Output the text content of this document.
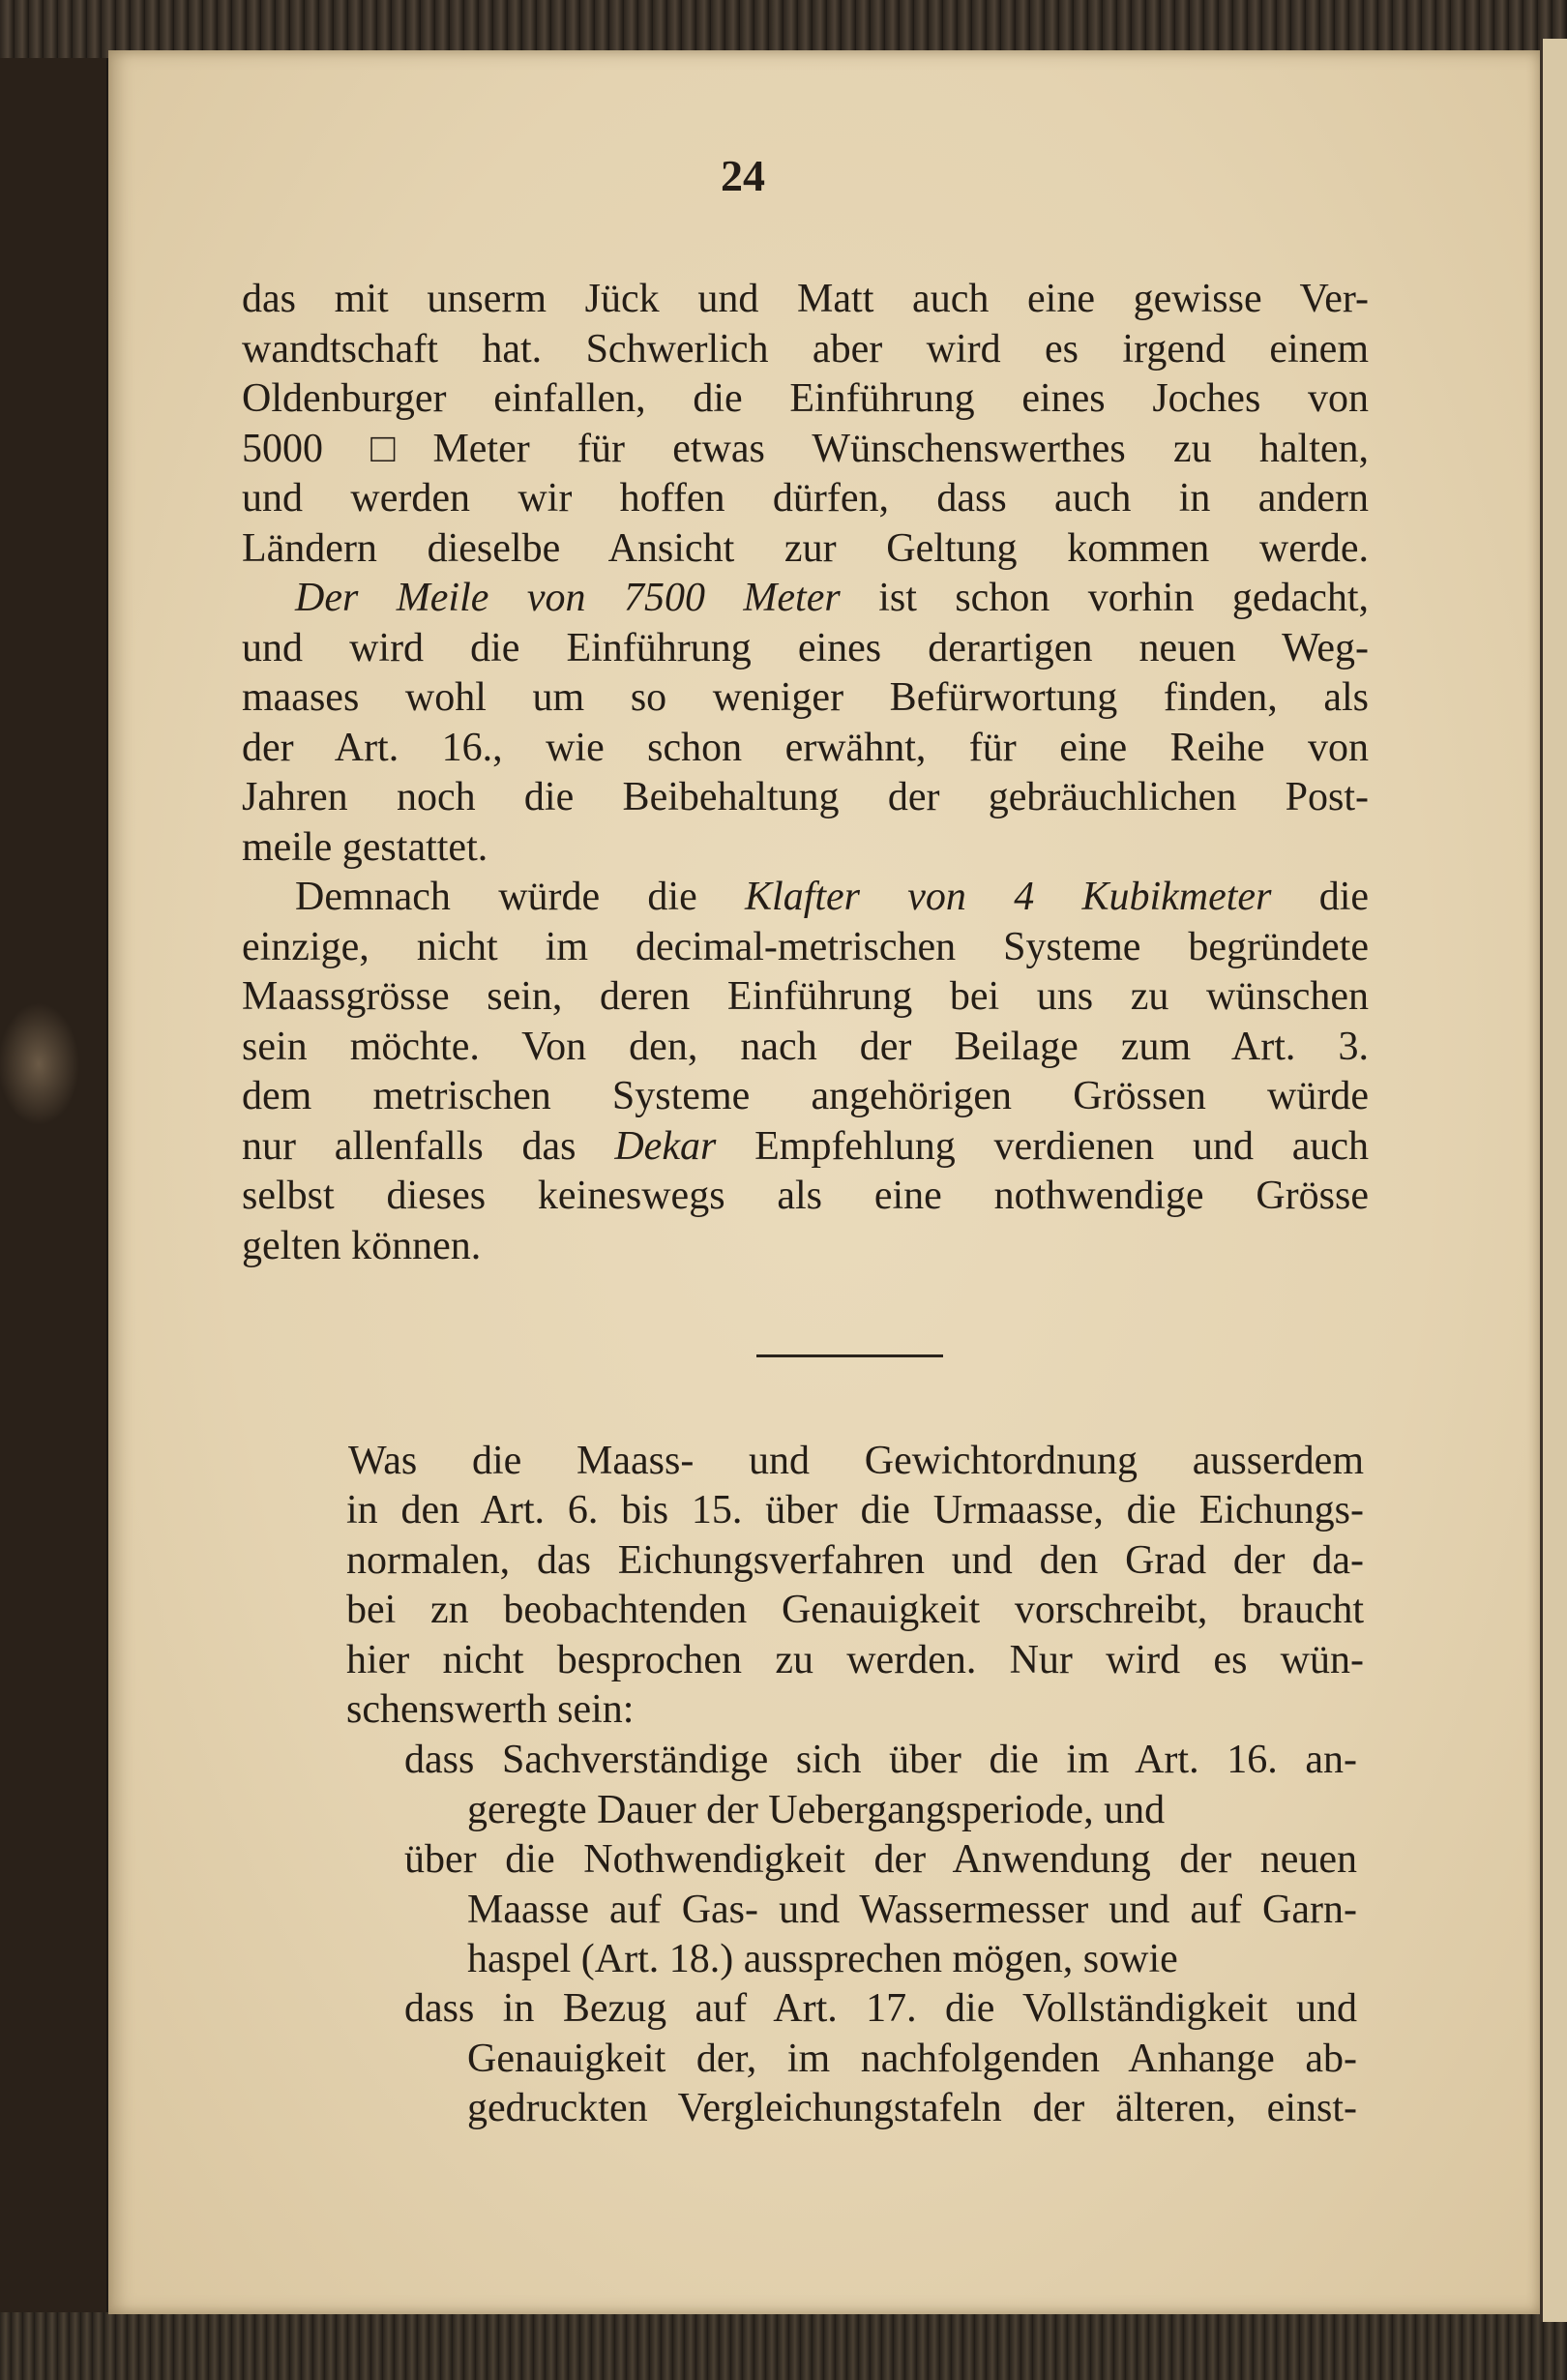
24
das mit unserm Jück und Matt auch eine gewisse Ver-
wandtschaft hat. Schwerlich aber wird es irgend einem
Oldenburger einfallen, die Einführung eines Joches von
5000 □Meter für etwas Wünschenswerthes zu halten,
und werden wir hoffen dürfen, dass auch in andern
Ländern dieselbe Ansicht zur Geltung kommen werde.
Der Meile von 7500 Meter ist schon vorhin gedacht,
und wird die Einführung eines derartigen neuen Weg-
maases wohl um so weniger Befürwortung finden, als
der Art. 16., wie schon erwähnt, für eine Reihe von
Jahren noch die Beibehaltung der gebräuchlichen Post-
meile gestattet.
Demnach würde die Klafter von 4 Kubikmeter die
einzige, nicht im decimal-metrischen Systeme begründete
Maassgrösse sein, deren Einführung bei uns zu wünschen
sein möchte. Von den, nach der Beilage zum Art. 3.
dem metrischen Systeme angehörigen Grössen würde
nur allenfalls das Dekar Empfehlung verdienen und auch
selbst dieses keineswegs als eine nothwendige Grösse
gelten können.
Was die Maass- und Gewichtordnung ausserdem
in den Art. 6. bis 15. über die Urmaasse, die Eichungs-
normalen, das Eichungsverfahren und den Grad der da-
bei zn beobachtenden Genauigkeit vorschreibt, braucht
hier nicht besprochen zu werden. Nur wird es wün-
schenswerth sein:
dass Sachverständige sich über die im Art. 16. an-
geregte Dauer der Uebergangsperiode, und
über die Nothwendigkeit der Anwendung der neuen
Maasse auf Gas- und Wassermesser und auf Garn-
haspel (Art. 18.) aussprechen mögen, sowie
dass in Bezug auf Art. 17. die Vollständigkeit und
Genauigkeit der, im nachfolgenden Anhange ab-
gedruckten Vergleichungstafeln der älteren, einst-
